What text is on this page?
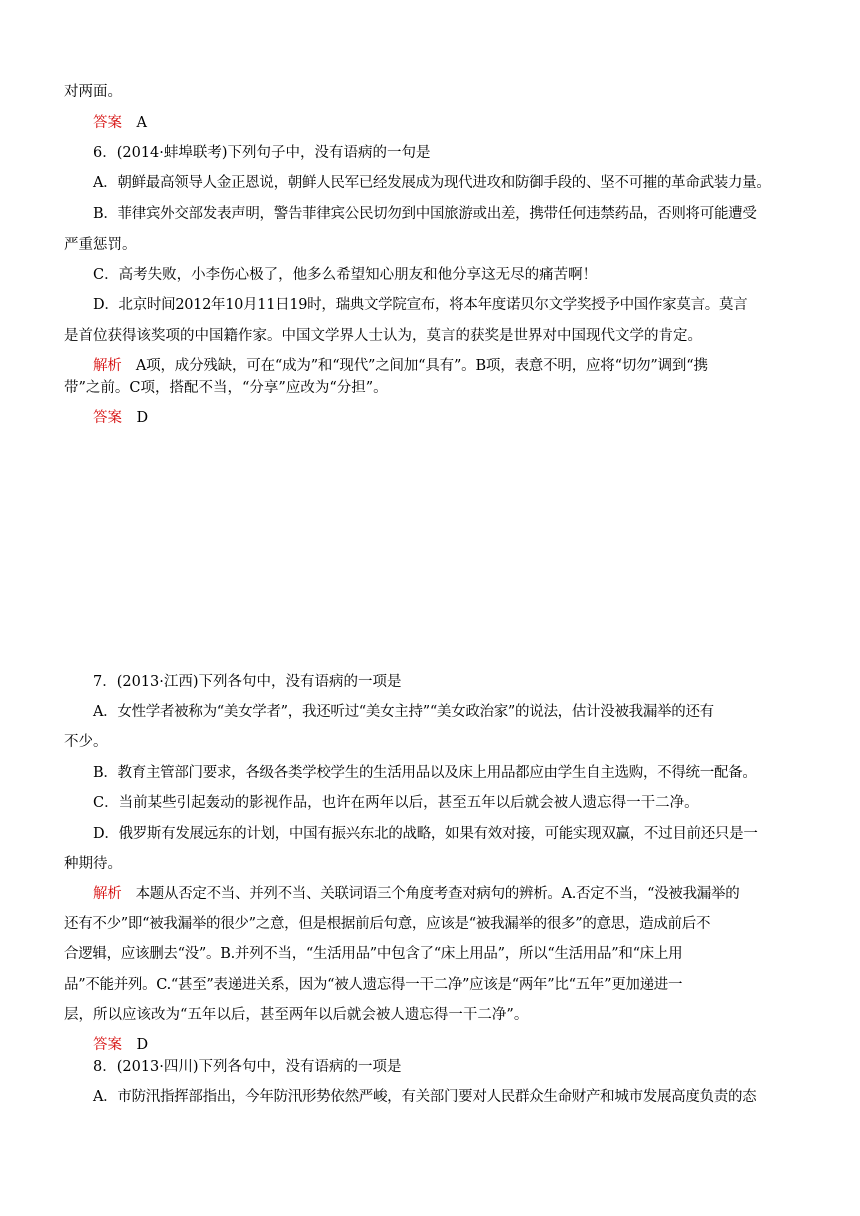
对两面。
答案　A
6．(2014·蚌埠联考)下列句子中，没有语病的一句是
A．朝鲜最高领导人金正恩说，朝鲜人民军已经发展成为现代进攻和防御手段的、坚不可摧的革命武装力量。
B．菲律宾外交部发表声明，警告菲律宾公民切勿到中国旅游或出差，携带任何违禁药品，否则将可能遭受
严重惩罚。
C．高考失败，小李伤心极了，他多么希望知心朋友和他分享这无尽的痛苦啊！
D．北京时间2012年10月11日19时，瑞典文学院宣布，将本年度诺贝尔文学奖授予中国作家莫言。莫言
是首位获得该奖项的中国籍作家。中国文学界人士认为，莫言的获奖是世界对中国现代文学的肯定。
解析　A项，成分残缺，可在“成为”和“现代”之间加“具有”。B项，表意不明，应将“切勿”调到“携
带”之前。C项，搭配不当，“分享”应改为“分担”。
答案　D
7．(2013·江西)下列各句中，没有语病的一项是
A．女性学者被称为“美女学者”，我还听过“美女主持”“美女政治家”的说法，估计没被我漏举的还有
不少。
B．教育主管部门要求，各级各类学校学生的生活用品以及床上用品都应由学生自主选购，不得统一配备。
C．当前某些引起轰动的影视作品，也许在两年以后，甚至五年以后就会被人遗忘得一干二净。
D．俄罗斯有发展远东的计划，中国有振兴东北的战略，如果有效对接，可能实现双赢，不过目前还只是一
种期待。
解析　本题从否定不当、并列不当、关联词语三个角度考查对病句的辨析。A.否定不当，“没被我漏举的
还有不少”即“被我漏举的很少”之意，但是根据前后句意，应该是“被我漏举的很多”的意思，造成前后不
合逻辑，应该删去“没”。B.并列不当，“生活用品”中包含了“床上用品”，所以“生活用品”和“床上用
品”不能并列。C.“甚至”表递进关系，因为“被人遗忘得一干二净”应该是“两年”比“五年”更加递进一
层，所以应该改为“五年以后，甚至两年以后就会被人遗忘得一干二净”。
答案　D
8．(2013·四川)下列各句中，没有语病的一项是
A．市防汛指挥部指出，今年防汛形势依然严峻，有关部门要对人民群众生命财产和城市发展高度负责的态
